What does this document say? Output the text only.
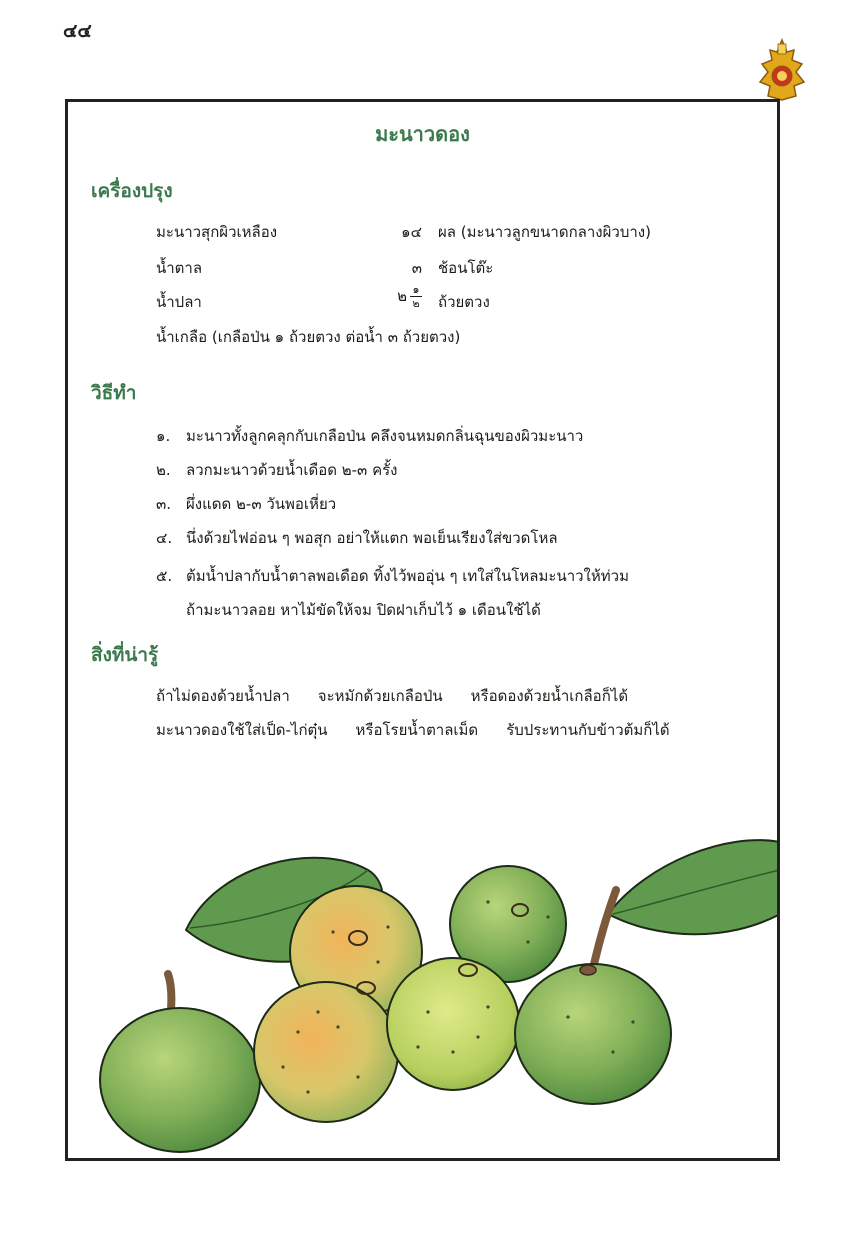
๔๔
มะนาวดอง
เครื่องปรุง
มะนาวสุกผิวเหลือง	๑๔ ผล (มะนาวลูกขนาดกลางผิวบาง)
น้ำตาล	๓ ช้อนโต๊ะ
น้ำปลา	๒ $\frac{๑}{๒}$ ถ้วยตวง
น้ำเกลือ (เกลือป่น ๑ ถ้วยตวง ต่อน้ำ ๓ ถ้วยตวง)
วิธีทำ
๑. มะนาวทั้งลูกคลุกกับเกลือป่น คลึงจนหมดกลิ่นฉุนของผิวมะนาว
๒. ลวกมะนาวด้วยน้ำเดือด ๒-๓ ครั้ง
๓. ผึ่งแดด ๒-๓ วันพอเหี่ยว
๔. นึ่งด้วยไฟอ่อน ๆ พอสุก อย่าให้แตก พอเย็นเรียงใส่ขวดโหล
๕. ต้มน้ำปลากับน้ำตาลพอเดือด ทิ้งไว้พออุ่น ๆ เทใส่ในโหลมะนาวให้ท่วม
ถ้ามะนาวลอย หาไม้ขัดให้จม ปิดฝาเก็บไว้ ๑ เดือนใช้ได้
สิ่งที่น่ารู้
ถ้าไม่ดองด้วยน้ำปลา จะหมักด้วยเกลือป่น หรือดองด้วยน้ำเกลือก็ได้
มะนาวดองใช้ใส่เป็ด-ไก่ตุ๋น หรือโรยน้ำตาลเม็ด รับประทานกับข้าวต้มก็ได้
